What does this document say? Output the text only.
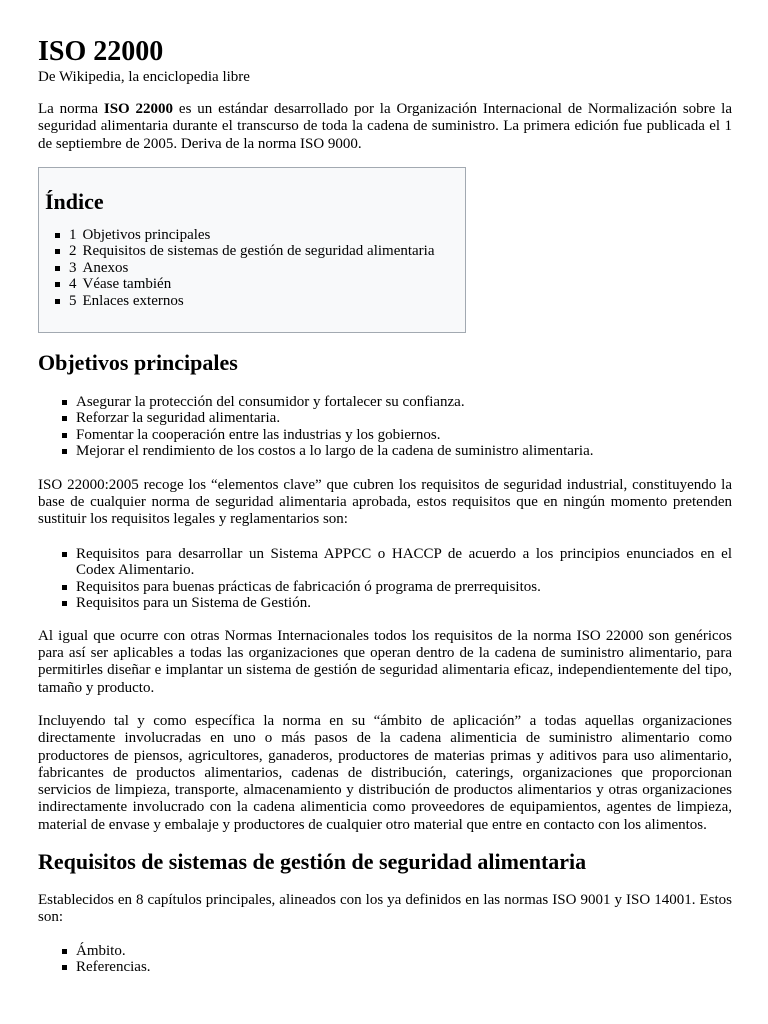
ISO 22000
De Wikipedia, la enciclopedia libre

La norma ISO 22000 es un estándar desarrollado por la Organización Internacional de Normalización sobre la seguridad alimentaria durante el transcurso de toda la cadena de suministro. La primera edición fue publicada el 1 de septiembre de 2005. Deriva de la norma ISO 9000.

Índice
1 Objetivos principales
2 Requisitos de sistemas de gestión de seguridad alimentaria
3 Anexos
4 Véase también
5 Enlaces externos
Objetivos principales
Asegurar la protección del consumidor y fortalecer su confianza.
Reforzar la seguridad alimentaria.
Fomentar la cooperación entre las industrias y los gobiernos.
Mejorar el rendimiento de los costos a lo largo de la cadena de suministro alimentaria.

ISO 22000:2005 recoge los “elementos clave” que cubren los requisitos de seguridad industrial, constituyendo la base de cualquier norma de seguridad alimentaria aprobada, estos requisitos que en ningún momento pretenden sustituir los requisitos legales y reglamentarios son:

Requisitos para desarrollar un Sistema APPCC o HACCP de acuerdo a los principios enunciados en el Codex Alimentario.
Requisitos para buenas prácticas de fabricación ó programa de prerrequisitos.
Requisitos para un Sistema de Gestión.

Al igual que ocurre con otras Normas Internacionales todos los requisitos de la norma ISO 22000 son genéricos para así ser aplicables a todas las organizaciones que operan dentro de la cadena de suministro alimentario, para permitirles diseñar e implantar un sistema de gestión de seguridad alimentaria eficaz, independientemente del tipo, tamaño y producto.

Incluyendo tal y como específica la norma en su “ámbito de aplicación” a todas aquellas organizaciones directamente involucradas en uno o más pasos de la cadena alimenticia de suministro alimentario como productores de piensos, agricultores, ganaderos, productores de materias primas y aditivos para uso alimentario, fabricantes de productos alimentarios, cadenas de distribución, caterings, organizaciones que proporcionan servicios de limpieza, transporte, almacenamiento y distribución de productos alimentarios y otras organizaciones indirectamente involucrado con la cadena alimenticia como proveedores de equipamientos, agentes de limpieza, material de envase y embalaje y productores de cualquier otro material que entre en contacto con los alimentos.

Requisitos de sistemas de gestión de seguridad alimentaria

Establecidos en 8 capítulos principales, alineados con los ya definidos en las normas ISO 9001 y ISO 14001. Estos son:

Ámbito.
Referencias.
